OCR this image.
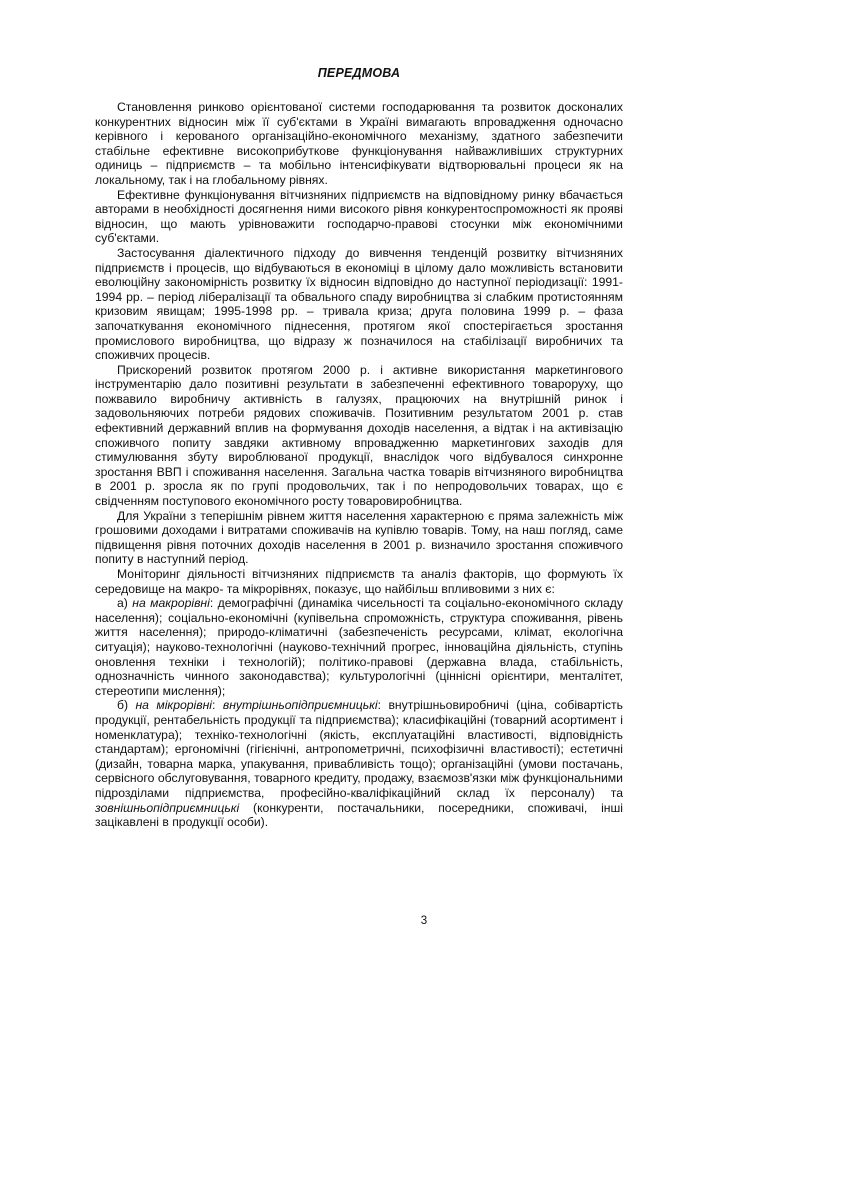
ПЕРЕДМОВА

Становлення ринково орієнтованої системи господарювання та розвиток досконалих конкурентних відносин між її суб'єктами в Україні вимагають впровадження одночасно керівного і керованого організаційно-економічного механізму, здатного забезпечити стабільне ефективне високоприбуткове функціонування найважливіших структурних одиниць – підприємств – та мобільно інтенсифікувати відтворювальні процеси як на локальному, так і на глобальному рівнях.

Ефективне функціонування вітчизняних підприємств на відповідному ринку вбачається авторами в необхідності досягнення ними високого рівня конкурентоспроможності як прояві відносин, що мають урівноважити господарчо-правові стосунки між економічними суб'єктами.

Застосування діалектичного підходу до вивчення тенденцій розвитку вітчизняних підприємств і процесів, що відбуваються в економіці в цілому дало можливість встановити еволюційну закономірність розвитку їх відносин відповідно до наступної періодизації: 1991-1994 рр. – період лібералізації та обвального спаду виробництва зі слабким протистоянням кризовим явищам; 1995-1998 рр. – тривала криза; друга половина 1999 р. – фаза започаткування економічного піднесення, протягом якої спостерігається зростання промислового виробництва, що відразу ж позначилося на стабілізації виробничих та споживчих процесів.

Прискорений розвиток протягом 2000 р. і активне використання маркетингового інструментарію дало позитивні результати в забезпеченні ефективного товароруху, що пожвавило виробничу активність в галузях, працюючих на внутрішній ринок і задовольняючих потреби рядових споживачів. Позитивним результатом 2001 р. став ефективний державний вплив на формування доходів населення, а відтак і на активізацію споживчого попиту завдяки активному впровадженню маркетингових заходів для стимулювання збуту вироблюваної продукції, внаслідок чого відбувалося синхронне зростання ВВП і споживання населення. Загальна частка товарів вітчизняного виробництва в 2001 р. зросла як по групі продовольчих, так і по непродовольчих товарах, що є свідченням поступового економічного росту товаровиробництва.

Для України з теперішнім рівнем життя населення характерною є пряма залежність між грошовими доходами і витратами споживачів на купівлю товарів. Тому, на наш погляд, саме підвищення рівня поточних доходів населення в 2001 р. визначило зростання споживчого попиту в наступний період.

Моніторинг діяльності вітчизняних підприємств та аналіз факторів, що формують їх середовище на макро- та мікрорівнях, показує, що найбільш впливовими з них є:

а) на макрорівні: демографічні (динаміка чисельності та соціально-економічного складу населення); соціально-економічні (купівельна спроможність, структура споживання, рівень життя населення); природо-кліматичні (забезпеченість ресурсами, клімат, екологічна ситуація); науково-технологічні (науково-технічний прогрес, інноваційна діяльність, ступінь оновлення техніки і технологій); політико-правові (державна влада, стабільність, однозначність чинного законодавства); культурологічні (ціннісні орієнтири, менталітет, стереотипи мислення);

б) на мікрорівні: внутрішньопідприємницькі: внутрішньовиробничі (ціна, собівартість продукції, рентабельність продукції та підприємства); класифікаційні (товарний асортимент і номенклатура); техніко-технологічні (якість, експлуатаційні властивості, відповідність стандартам); ергономічні (гігієнічні, антропометричні, психофізичні властивості); естетичні (дизайн, товарна марка, упакування, привабливість тощо); організаційні (умови постачань, сервісного обслуговування, товарного кредиту, продажу, взаємозв'язки між функціональними підрозділами підприємства, професійно-кваліфікаційний склад їх персоналу) та зовнішньопідприємницькі (конкуренти, постачальники, посередники, споживачі, інші зацікавлені в продукції особи).

3
